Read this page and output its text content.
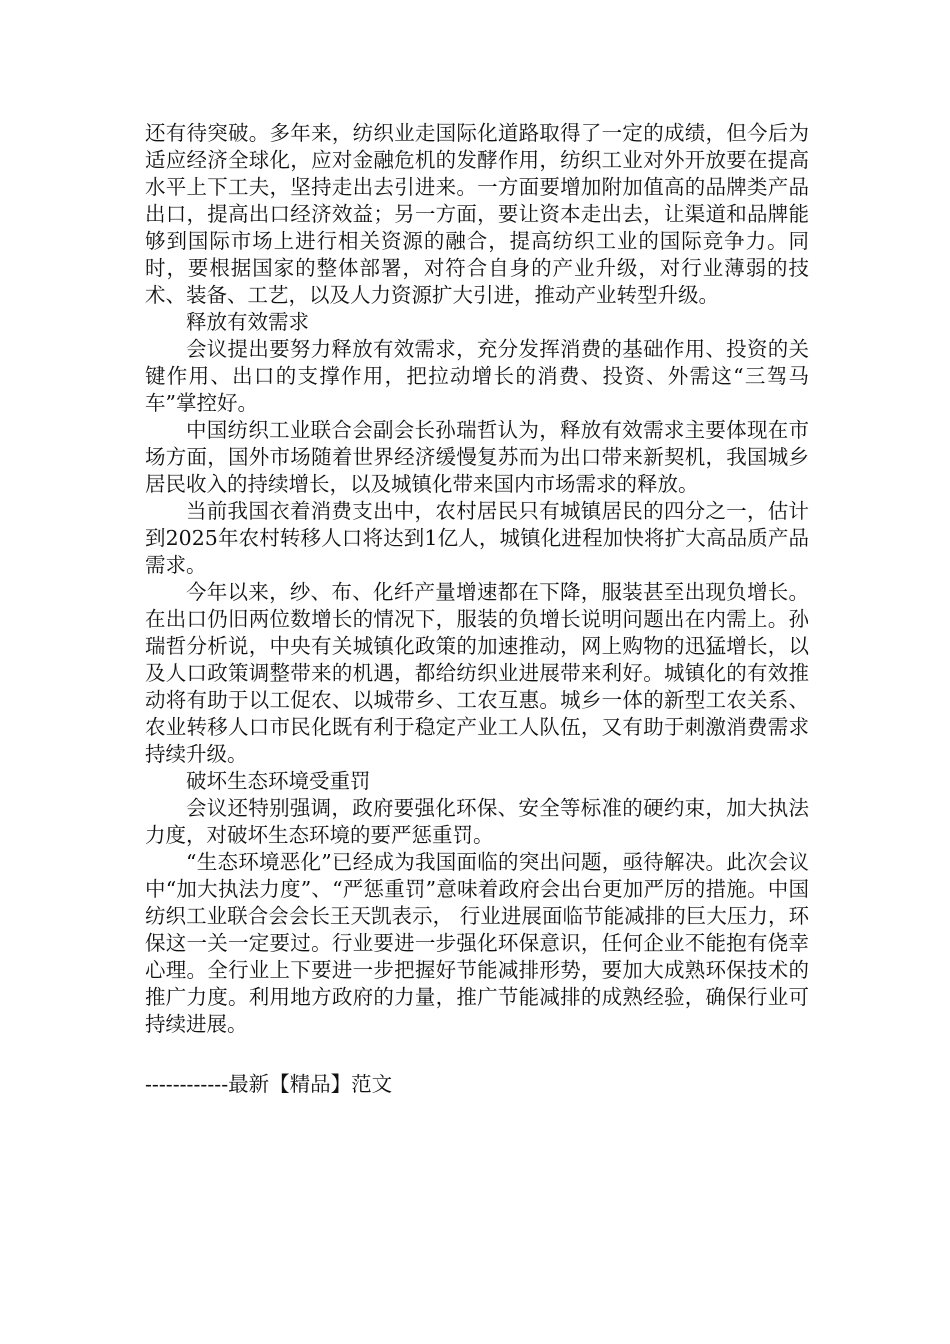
还有待突破。多年来，纺织业走国际化道路取得了一定的成绩，但今后为适应经济全球化，应对金融危机的发酵作用，纺织工业对外开放要在提高水平上下工夫，坚持走出去引进来。一方面要增加附加值高的品牌类产品出口，提高出口经济效益；另一方面，要让资本走出去，让渠道和品牌能够到国际市场上进行相关资源的融合，提高纺织工业的国际竞争力。同时，要根据国家的整体部署，对符合自身的产业升级，对行业薄弱的技术、装备、工艺，以及人力资源扩大引进，推动产业转型升级。

释放有效需求

会议提出要努力释放有效需求，充分发挥消费的基础作用、投资的关键作用、出口的支撑作用，把拉动增长的消费、投资、外需这“三驾马车”掌控好。

中国纺织工业联合会副会长孙瑞哲认为，释放有效需求主要体现在市场方面，国外市场随着世界经济缓慢复苏而为出口带来新契机，我国城乡居民收入的持续增长，以及城镇化带来国内市场需求的释放。

当前我国衣着消费支出中，农村居民只有城镇居民的四分之一，估计到2025年农村转移人口将达到1亿人，城镇化进程加快将扩大高品质产品需求。

今年以来，纱、布、化纤产量增速都在下降，服装甚至出现负增长。在出口仍旧两位数增长的情况下，服装的负增长说明问题出在内需上。孙瑞哲分析说，中央有关城镇化政策的加速推动，网上购物的迅猛增长，以及人口政策调整带来的机遇，都给纺织业进展带来利好。城镇化的有效推动将有助于以工促农、以城带乡、工农互惠。城乡一体的新型工农关系、农业转移人口市民化既有利于稳定产业工人队伍，又有助于刺激消费需求持续升级。

破坏生态环境受重罚

会议还特别强调，政府要强化环保、安全等标准的硬约束，加大执法力度，对破坏生态环境的要严惩重罚。

“生态环境恶化”已经成为我国面临的突出问题，亟待解决。此次会议中“加大执法力度”、“严惩重罚”意味着政府会出台更加严厉的措施。中国纺织工业联合会会长王天凯表示， 行业进展面临节能减排的巨大压力，环保这一关一定要过。行业要进一步强化环保意识，任何企业不能抱有侥幸心理。全行业上下要进一步把握好节能减排形势，要加大成熟环保技术的推广力度。利用地方政府的力量，推广节能减排的成熟经验，确保行业可持续进展。

------------最新【精品】范文
